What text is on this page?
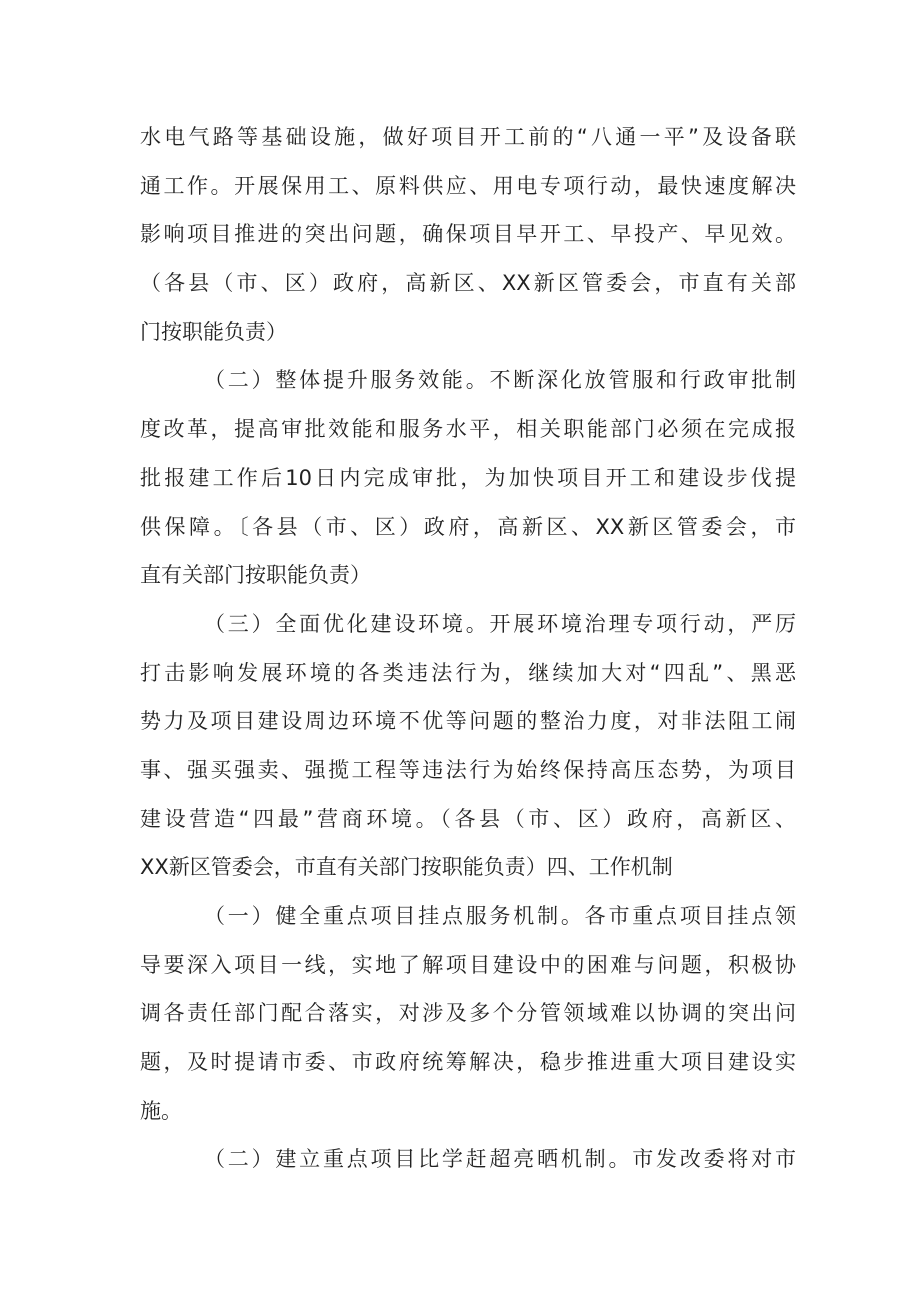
水电气路等基础设施，做好项目开工前的“八通一平”及设备联
通工作。开展保用工、原料供应、用电专项行动，最快速度解决
影响项目推进的突出问题，确保项目早开工、早投产、早见效。
（各县（市、区）政府，高新区、XX新区管委会，市直有关部
门按职能负责）
（二）整体提升服务效能。不断深化放管服和行政审批制
度改革，提高审批效能和服务水平，相关职能部门必须在完成报
批报建工作后10日内完成审批，为加快项目开工和建设步伐提
供保障。〔各县（市、区）政府，高新区、XX新区管委会，市
直有关部门按职能负责）
（三）全面优化建设环境。开展环境治理专项行动，严厉
打击影响发展环境的各类违法行为，继续加大对“四乱”、黑恶
势力及项目建设周边环境不优等问题的整治力度，对非法阻工闹
事、强买强卖、强揽工程等违法行为始终保持高压态势，为项目
建设营造“四最”营商环境。（各县（市、区）政府，高新区、
XX新区管委会，市直有关部门按职能负责）四、工作机制
（一）健全重点项目挂点服务机制。各市重点项目挂点领
导要深入项目一线，实地了解项目建设中的困难与问题，积极协
调各责任部门配合落实，对涉及多个分管领域难以协调的突出问
题，及时提请市委、市政府统筹解决，稳步推进重大项目建设实
施。
（二）建立重点项目比学赶超亮晒机制。市发改委将对市
